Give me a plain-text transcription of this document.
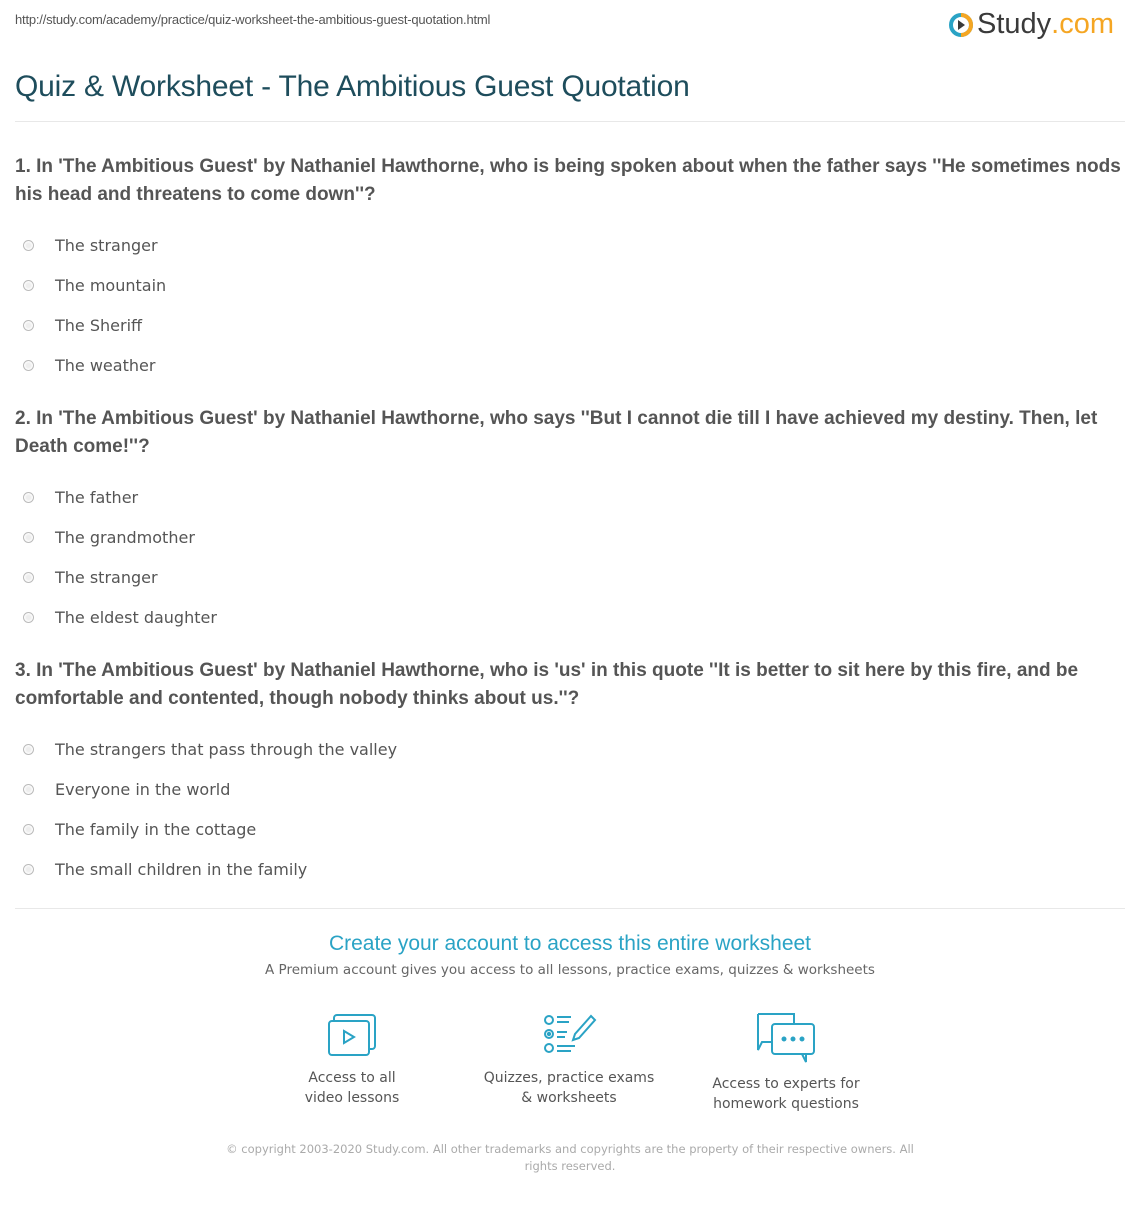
http://study.com/academy/practice/quiz-worksheet-the-ambitious-guest-quotation.html	Study .com
Quiz & Worksheet - The Ambitious Guest Quotation
1. In 'The Ambitious Guest' by Nathaniel Hawthorne, who is being spoken about when the father says ''He sometimes nods his head and threatens to come down''?
The stranger
The mountain
The Sheriff
The weather
2. In 'The Ambitious Guest' by Nathaniel Hawthorne, who says ''But I cannot die till I have achieved my destiny. Then, let Death come!''?
The father
The grandmother
The stranger
The eldest daughter
3. In 'The Ambitious Guest' by Nathaniel Hawthorne, who is 'us' in this quote ''It is better to sit here by this fire, and be comfortable and contented, though nobody thinks about us.''?
The strangers that pass through the valley
Everyone in the world
The family in the cottage
The small children in the family
Create your account to access this entire worksheet
A Premium account gives you access to all lessons, practice exams, quizzes & worksheets
Access to all
video lessons
Quizzes, practice exams
& worksheets
Access to experts for
homework questions
© copyright 2003-2020 Study.com. All other trademarks and copyrights are the property of their respective owners. All rights reserved.
